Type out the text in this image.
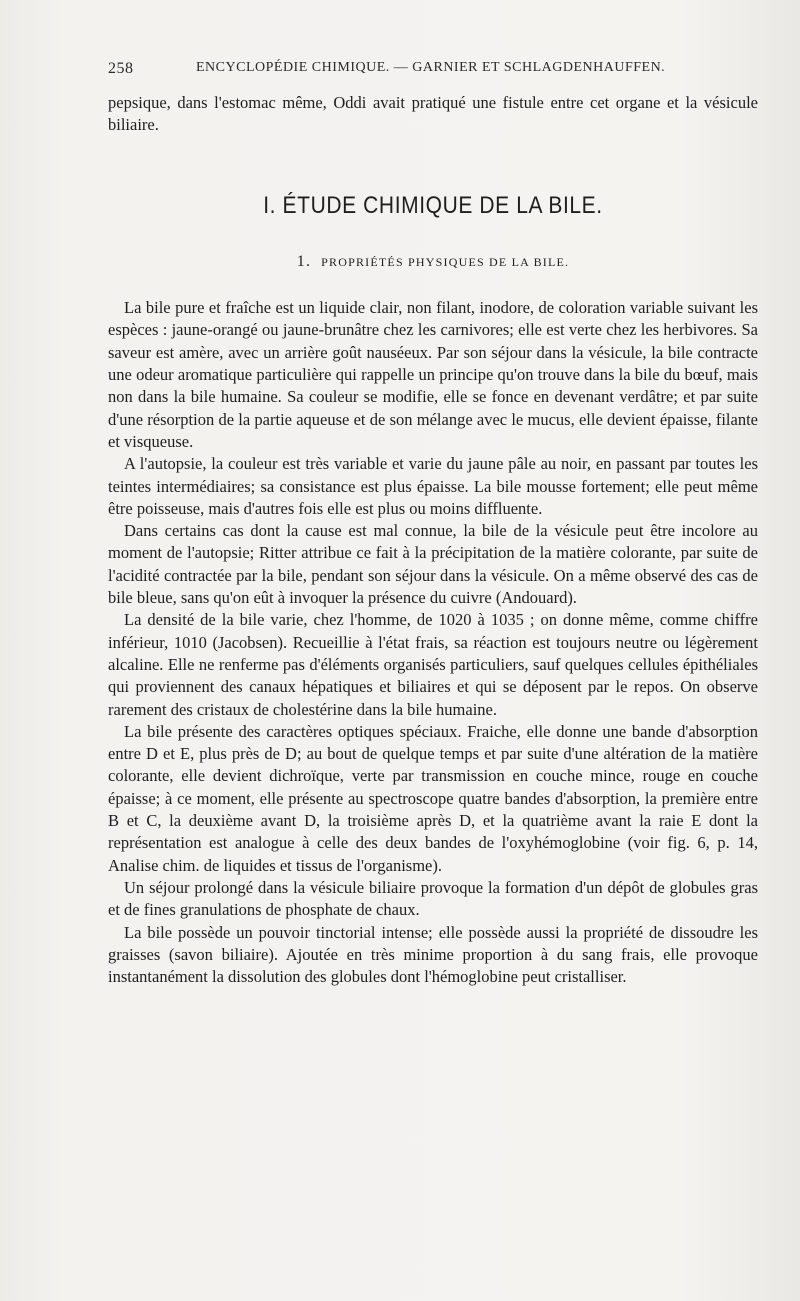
258	ENCYCLOPÉDIE CHIMIQUE. — GARNIER ET SCHLAGDENHAUFFEN.

pepsique, dans l'estomac même, Oddi avait pratiqué une fistule entre cet organe et la vésicule biliaire.

I. ÉTUDE CHIMIQUE DE LA BILE.
1. PROPRIÉTÉS PHYSIQUES DE LA BILE.

La bile pure et fraîche est un liquide clair, non filant, inodore, de coloration variable suivant les espèces : jaune-orangé ou jaune-brunâtre chez les carnivores; elle est verte chez les herbivores. Sa saveur est amère, avec un arrière goût nauséeux. Par son séjour dans la vésicule, la bile contracte une odeur aromatique particulière qui rappelle un principe qu'on trouve dans la bile du bœuf, mais non dans la bile humaine. Sa couleur se modifie, elle se fonce en devenant verdâtre; et par suite d'une résorption de la partie aqueuse et de son mélange avec le mucus, elle devient épaisse, filante et visqueuse.

A l'autopsie, la couleur est très variable et varie du jaune pâle au noir, en passant par toutes les teintes intermédiaires; sa consistance est plus épaisse. La bile mousse fortement; elle peut même être poisseuse, mais d'autres fois elle est plus ou moins diffluente.

Dans certains cas dont la cause est mal connue, la bile de la vésicule peut être incolore au moment de l'autopsie; Ritter attribue ce fait à la précipitation de la matière colorante, par suite de l'acidité contractée par la bile, pendant son séjour dans la vésicule. On a même observé des cas de bile bleue, sans qu'on eût à invoquer la présence du cuivre (Andouard).

La densité de la bile varie, chez l'homme, de 1020 à 1035 ; on donne même, comme chiffre inférieur, 1010 (Jacobsen). Recueillie à l'état frais, sa réaction est toujours neutre ou légèrement alcaline. Elle ne renferme pas d'éléments organisés particuliers, sauf quelques cellules épithéliales qui proviennent des canaux hépatiques et biliaires et qui se déposent par le repos. On observe rarement des cristaux de cholestérine dans la bile humaine.

La bile présente des caractères optiques spéciaux. Fraiche, elle donne une bande d'absorption entre D et E, plus près de D; au bout de quelque temps et par suite d'une altération de la matière colorante, elle devient dichroïque, verte par transmission en couche mince, rouge en couche épaisse; à ce moment, elle présente au spectroscope quatre bandes d'absorption, la première entre B et C, la deuxième avant D, la troisième après D, et la quatrième avant la raie E dont la représentation est analogue à celle des deux bandes de l'oxyhémoglobine (voir fig. 6, p. 14, Analise chim. de liquides et tissus de l'organisme).

Un séjour prolongé dans la vésicule biliaire provoque la formation d'un dépôt de globules gras et de fines granulations de phosphate de chaux.

La bile possède un pouvoir tinctorial intense; elle possède aussi la propriété de dissoudre les graisses (savon biliaire). Ajoutée en très minime proportion à du sang frais, elle provoque instantanément la dissolution des globules dont l'hémoglobine peut cristalliser.
